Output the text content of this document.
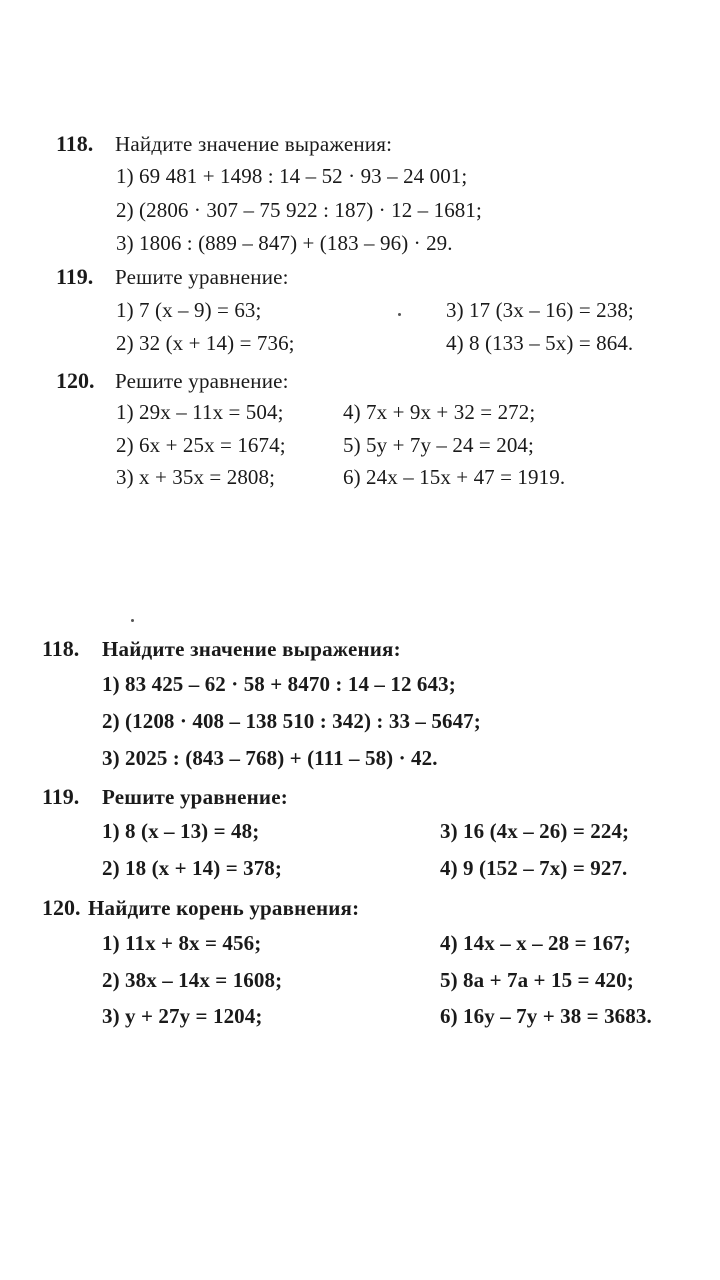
118. Найдите значение выражения:
1) 69 481 + 1498 : 14 – 52 · 93 – 24 001;
2) (2806 · 307 – 75 922 : 187) · 12 – 1681;
3) 1806 : (889 – 847) + (183 – 96) · 29.
119. Решите уравнение:
1) 7 (x – 9) = 63;	3) 17 (3x – 16) = 238;
2) 32 (x + 14) = 736;	4) 8 (133 – 5x) = 864.
120. Решите уравнение:
1) 29x – 11x = 504;	4) 7x + 9x + 32 = 272;
2) 6x + 25x = 1674;	5) 5y + 7y – 24 = 204;
3) x + 35x = 2808;	6) 24x – 15x + 47 = 1919.
118. Найдите значение выражения:
1) 83 425 – 62 · 58 + 8470 : 14 – 12 643;
2) (1208 · 408 – 138 510 : 342) : 33 – 5647;
3) 2025 : (843 – 768) + (111 – 58) · 42.
119. Решите уравнение:
1) 8 (x – 13) = 48;	3) 16 (4x – 26) = 224;
2) 18 (x + 14) = 378;	4) 9 (152 – 7x) = 927.
120. Найдите корень уравнения:
1) 11x + 8x = 456;	4) 14x – x – 28 = 167;
2) 38x – 14x = 1608;	5) 8a + 7a + 15 = 420;
3) y + 27y = 1204;	6) 16y – 7y + 38 = 3683.
